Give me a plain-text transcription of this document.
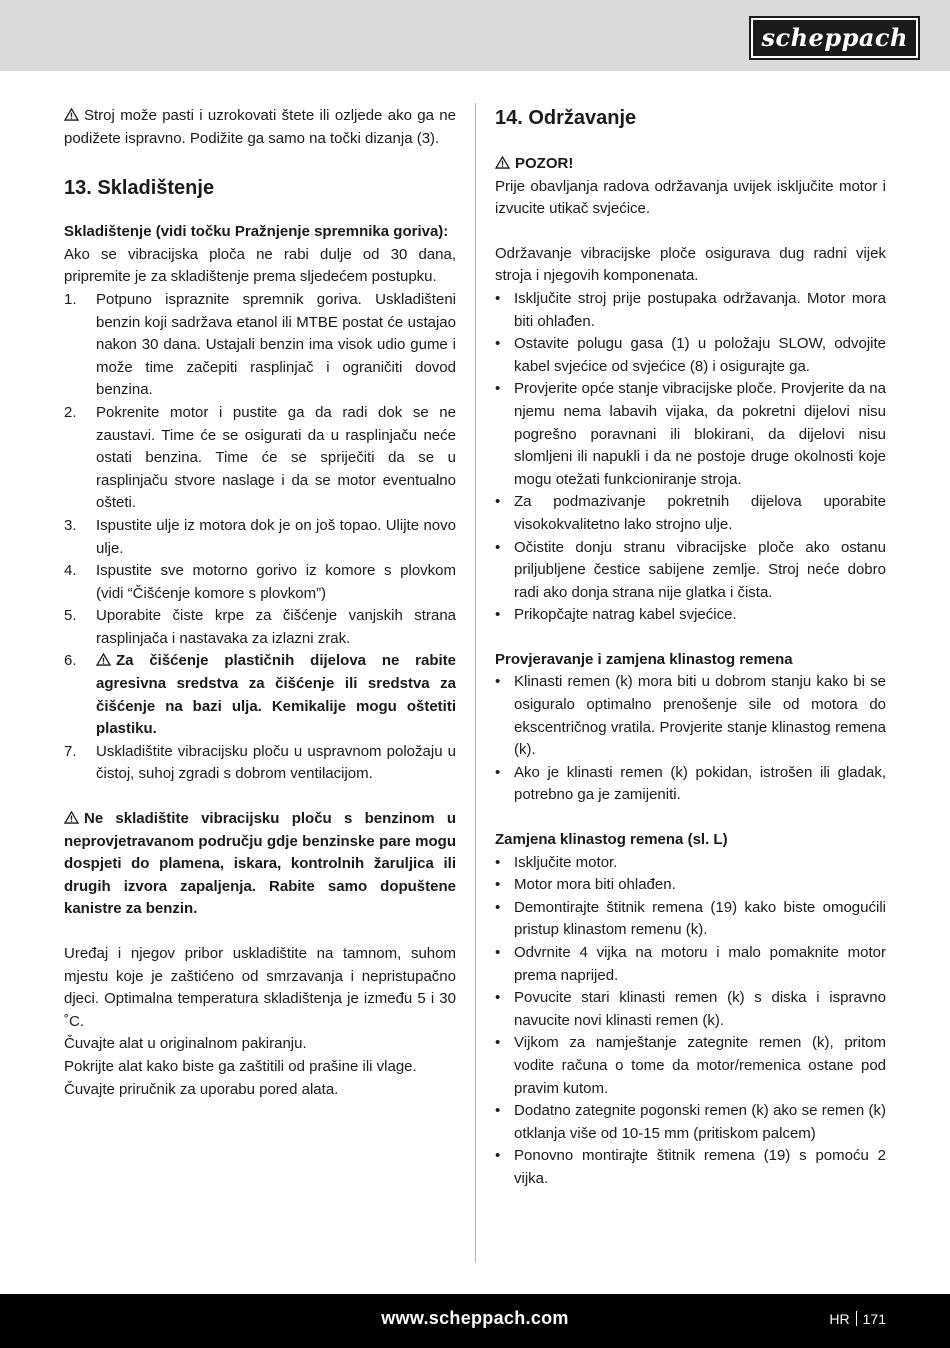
scheppach

Stroj može pasti i uzrokovati štete ili ozljede ako ga ne podižete ispravno. Podižite ga samo na točki dizanja (3).

13. Skladištenje

Skladištenje (vidi točku Pražnjenje spremnika goriva):

Ako se vibracijska ploča ne rabi dulje od 30 dana, pripremite je za skladištenje prema sljedećem postupku.

1.	Potpuno ispraznite spremnik goriva. Uskladišteni benzin koji sadržava etanol ili MTBE postat će ustajao nakon 30 dana. Ustajali benzin ima visok udio gume i može time začepiti rasplinjač i ograničiti dovod benzina.
2.	Pokrenite motor i pustite ga da radi dok se ne zaustavi. Time će se osigurati da u rasplinjaču neće ostati benzina. Time će se spriječiti da se u rasplinjaču stvore naslage i da se motor eventualno ošteti.
3.	Ispustite ulje iz motora dok je on još topao. Ulijte novo ulje.
4.	Ispustite sve motorno gorivo iz komore s plovkom (vidi “Čišćenje komore s plovkom”)
5.	Uporabite čiste krpe za čišćenje vanjskih strana rasplinjača i nastavaka za izlazni zrak.
6.	Za čišćenje plastičnih dijelova ne rabite agresivna sredstva za čišćenje ili sredstva za čišćenje na bazi ulja. Kemikalije mogu oštetiti plastiku.
7.	Uskladištite vibracijsku ploču u uspravnom položaju u čistoj, suhoj zgradi s dobrom ventilacijom.

Ne skladištite vibracijsku ploču s benzinom u neprovjetravanom području gdje benzinske pare mogu dospjeti do plamena, iskara, kontrolnih žaruljica ili drugih izvora zapaljenja. Rabite samo dopuštene kanistre za benzin.

Uređaj i njegov pribor uskladištite na tamnom, suhom mjestu koje je zaštićeno od smrzavanja i nepristupačno djeci. Optimalna temperatura skladištenja je između 5 i 30 ˚C.

Čuvajte alat u originalnom pakiranju.

Pokrijte alat kako biste ga zaštitili od prašine ili vlage.

Čuvajte priručnik za uporabu pored alata.

14. Održavanje

POZOR!

Prije obavljanja radova održavanja uvijek isključite motor i izvucite utikač svjećice.

Održavanje vibracijske ploče osigurava dug radni vijek stroja i njegovih komponenata.

• Isključite stroj prije postupaka održavanja. Motor mora biti ohlađen.
• Ostavite polugu gasa (1) u položaju SLOW, odvojite kabel svjećice od svjećice (8) i osigurajte ga.
• Provjerite opće stanje vibracijske ploče. Provjerite da na njemu nema labavih vijaka, da pokretni dijelovi nisu pogrešno poravnani ili blokirani, da dijelovi nisu slomljeni ili napukli i da ne postoje druge okolnosti koje mogu otežati funkcioniranje stroja.
• Za podmazivanje pokretnih dijelova uporabite visokokvalitetno lako strojno ulje.
• Očistite donju stranu vibracijske ploče ako ostanu priljubljene čestice sabijene zemlje. Stroj neće dobro radi ako donja strana nije glatka i čista.
• Prikopčajte natrag kabel svjećice.

Provjeravanje i zamjena klinastog remena

• Klinasti remen (k) mora biti u dobrom stanju kako bi se osiguralo optimalno prenošenje sile od motora do ekscentričnog vratila. Provjerite stanje klinastog remena (k).
• Ako je klinasti remen (k) pokidan, istrošen ili gladak, potrebno ga je zamijeniti.

Zamjena klinastog remena (sl. L)

• Isključite motor.
• Motor mora biti ohlađen.
• Demontirajte štitnik remena (19) kako biste omogućili pristup klinastom remenu (k).
• Odvrnite 4 vijka na motoru i malo pomaknite motor prema naprijed.
• Povucite stari klinasti remen (k) s diska i ispravno navucite novi klinasti remen (k).
• Vijkom za namještanje zategnite remen (k), pritom vodite računa o tome da motor/remenica ostane pod pravim kutom.
• Dodatno zategnite pogonski remen (k) ako se remen (k) otklanja više od 10-15 mm (pritiskom palcem)
• Ponovno montirajte štitnik remena (19) s pomoću 2 vijka.
www.scheppach.com	HR 171
